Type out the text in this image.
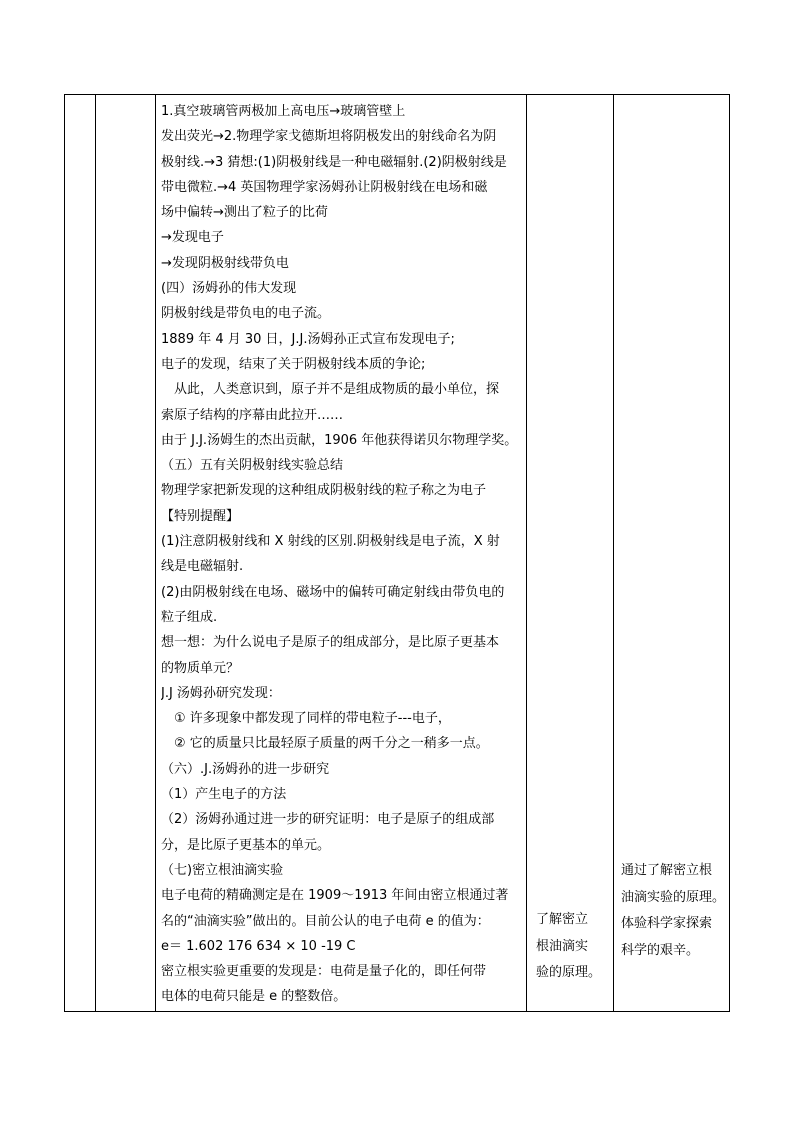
1.真空玻璃管两极加上高电压→玻璃管壁上
发出荧光→2.物理学家戈德斯坦将阴极发出的射线命名为阴
极射线.→3 猜想:(1)阴极射线是一种电磁辐射.(2)阴极射线是
带电微粒.→4 英国物理学家汤姆孙让阴极射线在电场和磁
场中偏转→测出了粒子的比荷
→发现电子
→发现阴极射线带负电
(四）汤姆孙的伟大发现
阴极射线是带负电的电子流。
1889 年 4 月 30 日，J.J.汤姆孙正式宣布发现电子;
电子的发现，结束了关于阴极射线本质的争论;
　从此，人类意识到，原子并不是组成物质的最小单位，探
索原子结构的序幕由此拉开……
由于 J.J.汤姆生的杰出贡献，1906 年他获得诺贝尔物理学奖。
（五）五有关阴极射线实验总结
物理学家把新发现的这种组成阴极射线的粒子称之为电子
【特别提醒】
(1)注意阴极射线和 X 射线的区别.阴极射线是电子流，X 射
线是电磁辐射.
(2)由阴极射线在电场、磁场中的偏转可确定射线由带负电的
粒子组成.
想一想：为什么说电子是原子的组成部分，是比原子更基本
的物质单元？
J.J 汤姆孙研究发现：
　① 许多现象中都发现了同样的带电粒子---电子，
　② 它的质量只比最轻原子质量的两千分之一稍多一点。
（六）.J.汤姆孙的进一步研究
（1）产生电子的方法
（2）汤姆孙通过进一步的研究证明：电子是原子的组成部
分，是比原子更基本的单元。
（七)密立根油滴实验
电子电荷的精确测定是在 1909～1913 年间由密立根通过著
名的“油滴实验”做出的。目前公认的电子电荷 e 的值为：
e＝ 1.602 176 634 × 10 -19 C
密立根实验更重要的发现是：电荷是量子化的，即任何带
电体的电荷只能是 e 的整数倍。

了解密立
根油滴实
验的原理。

通过了解密立根
油滴实验的原理。
体验科学家探索
科学的艰辛。
